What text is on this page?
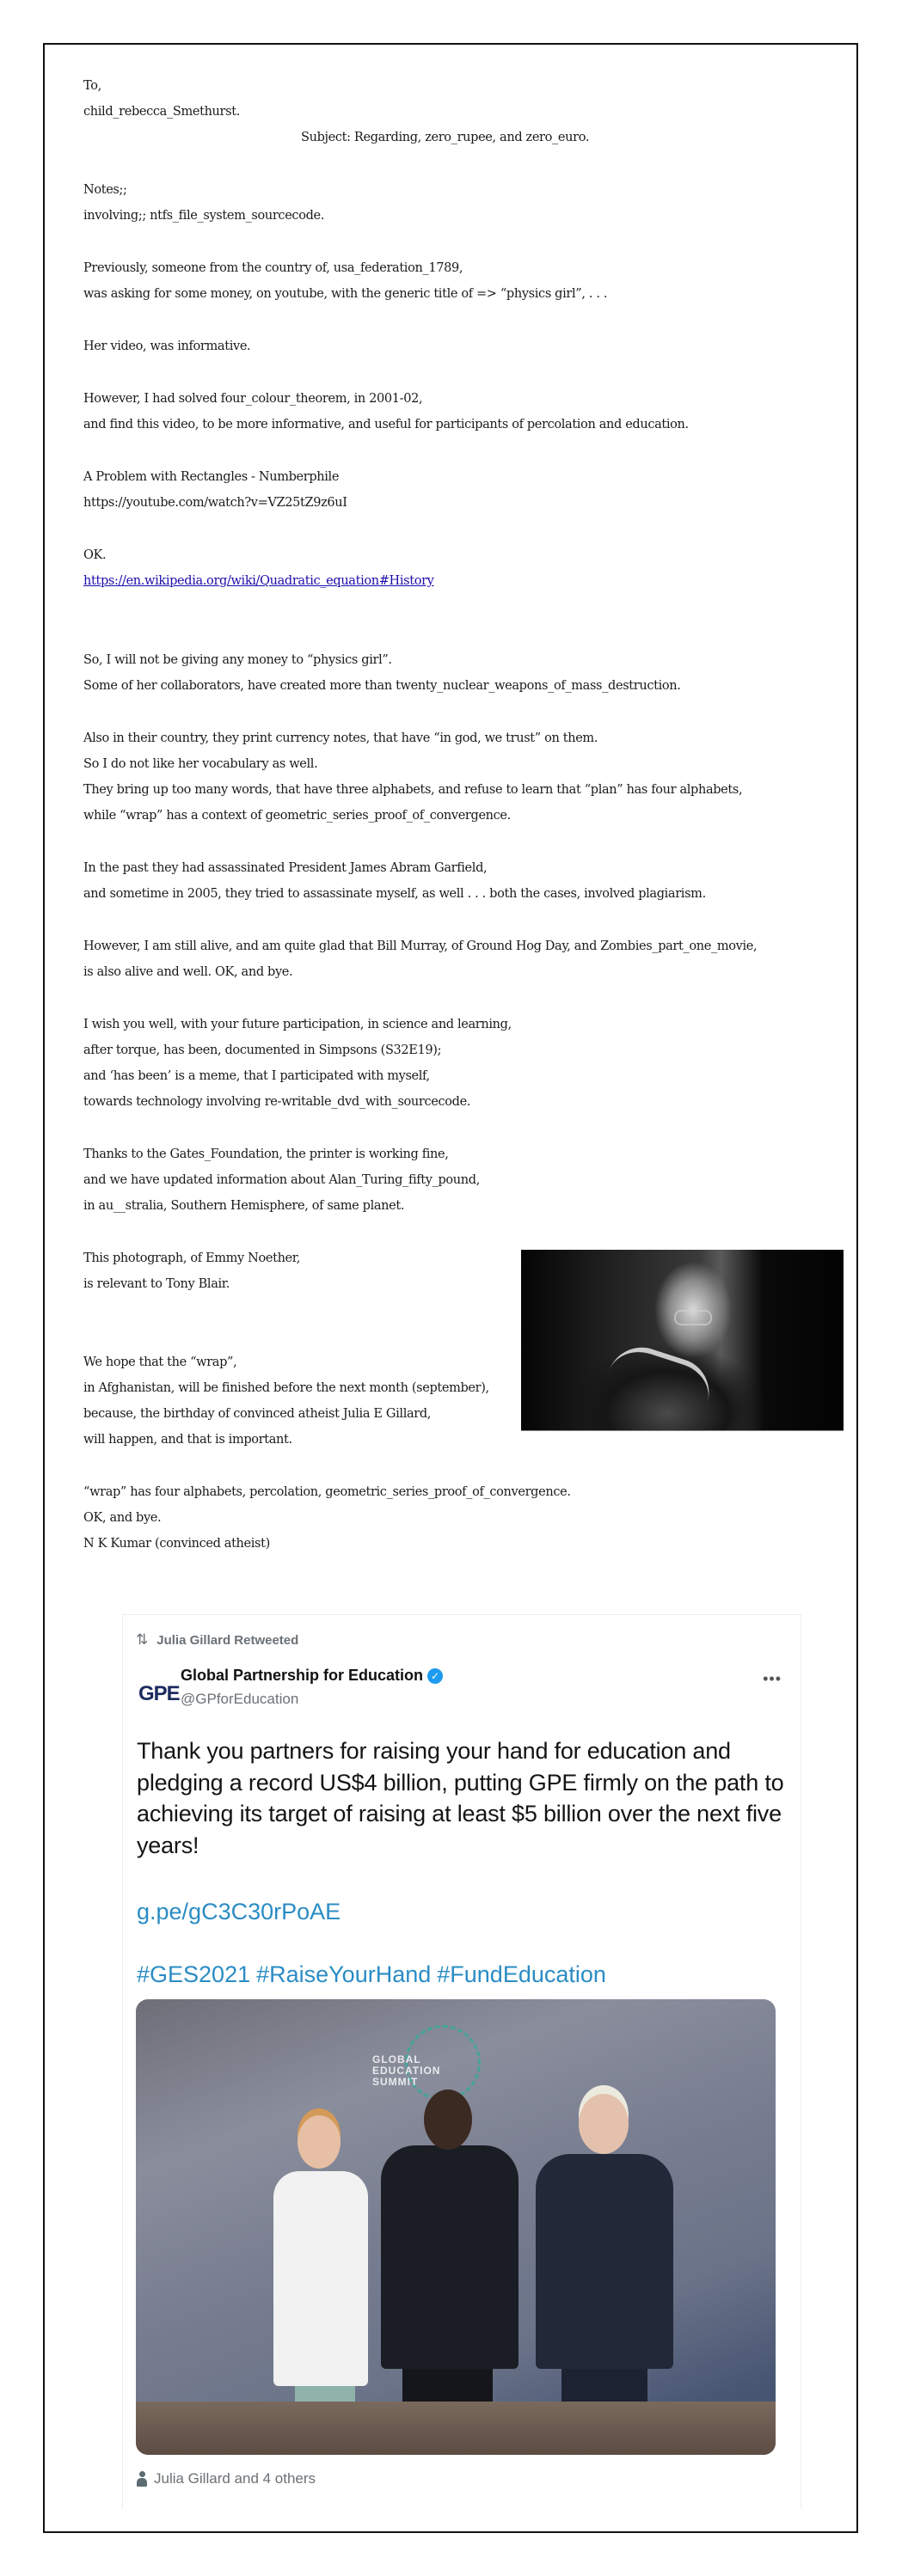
To,
child_rebecca_Smethurst.
Subject: Regarding, zero_rupee, and zero_euro.
Notes;;
involving;; ntfs_file_system_sourcecode.
Previously, someone from the country of, usa_federation_1789,
was asking for some money, on youtube, with the generic title of => “physics girl”, . . .
Her video, was informative.
However, I had solved four_colour_theorem, in 2001-02,
and find this video, to be more informative, and useful for participants of percolation and education.
A Problem with Rectangles - Numberphile
https://youtube.com/watch?v=VZ25tZ9z6uI
OK.
https://en.wikipedia.org/wiki/Quadratic_equation#History
So, I will not be giving any money to “physics girl”.
Some of her collaborators, have created more than twenty_nuclear_weapons_of_mass_destruction.
Also in their country, they print currency notes, that have “in god, we trust” on them.
So I do not like her vocabulary as well.
They bring up too many words, that have three alphabets, and refuse to learn that “plan” has four alphabets,
while “wrap” has a context of geometric_series_proof_of_convergence.
In the past they had assassinated President James Abram Garfield,
and sometime in 2005, they tried to assassinate myself, as well . . . both the cases, involved plagiarism.
However, I am still alive, and am quite glad that Bill Murray, of Ground Hog Day, and Zombies_part_one_movie,
is also alive and well. OK, and bye.
I wish you well, with your future participation, in science and learning,
after torque, has been, documented in Simpsons (S32E19);
and ‘has been’ is a meme, that I participated with myself,
towards technology involving re-writable_dvd_with_sourcecode.
Thanks to the Gates_Foundation, the printer is working fine,
and we have updated information about Alan_Turing_fifty_pound,
in au__stralia, Southern Hemisphere, of same planet.
This photograph, of Emmy Noether,
is relevant to Tony Blair.
We hope that the “wrap”,
in Afghanistan, will be finished before the next month (september),
because, the birthday of convinced atheist Julia E Gillard,
will happen, and that is important.
“wrap” has four alphabets, percolation, geometric_series_proof_of_convergence.
OK, and bye.
N K Kumar (convinced atheist)
⇅ Julia Gillard Retweeted
GPE
Global Partnership for Education ✓
@GPforEducation
•••
Thank you partners for raising your hand for education and pledging a record US$4 billion, putting GPE firmly on the path to achieving its target of raising at least $5 billion over the next five years!
g.pe/gC3C30rPoAE
#GES2021 #RaiseYourHand #FundEducation
GLOBAL
EDUCATION
SUMMIT
Julia Gillard and 4 others
